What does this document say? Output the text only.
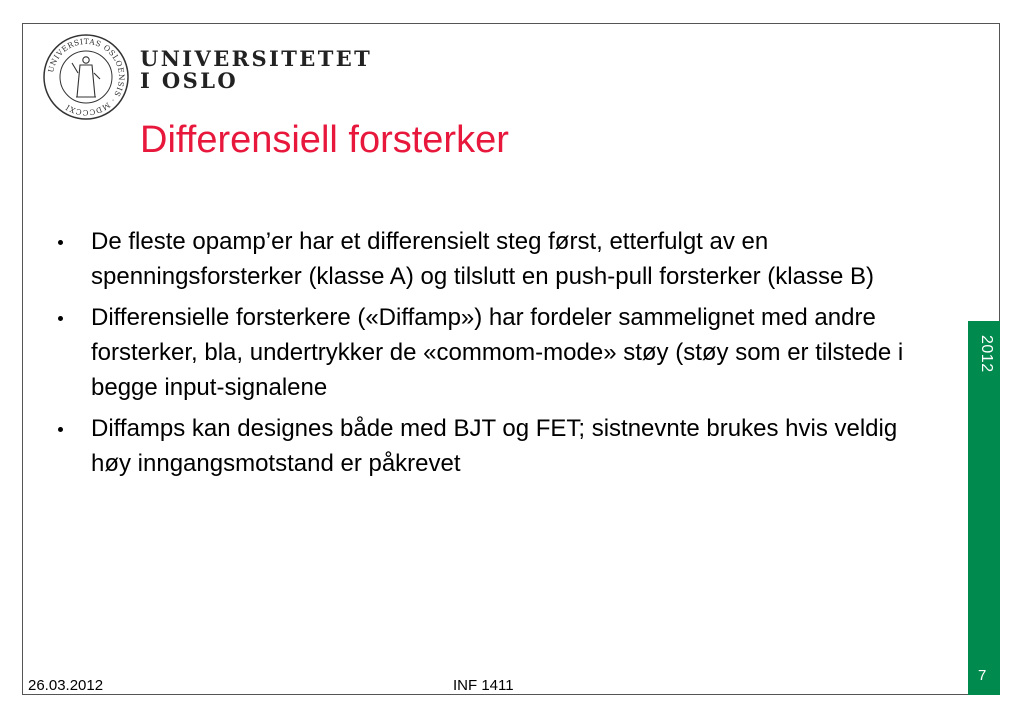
UNIVERSITAS OSLOENSIS · MDCCCXI
UNIVERSITETET
I OSLO
Differensiell forsterker
De fleste opamp’er har et differensielt steg først, etterfulgt av en spenningsforsterker (klasse A) og tilslutt en push-pull forsterker (klasse B)
Differensielle forsterkere («Diffamp») har fordeler sammelignet med andre forsterker, bla, undertrykker de «commom-mode» støy (støy som er tilstede i begge input-signalene
Diffamps kan designes både med BJT og FET; sistnevnte brukes hvis veldig høy inngangsmotstand er påkrevet
2012
7
26.03.2012	INF 1411
